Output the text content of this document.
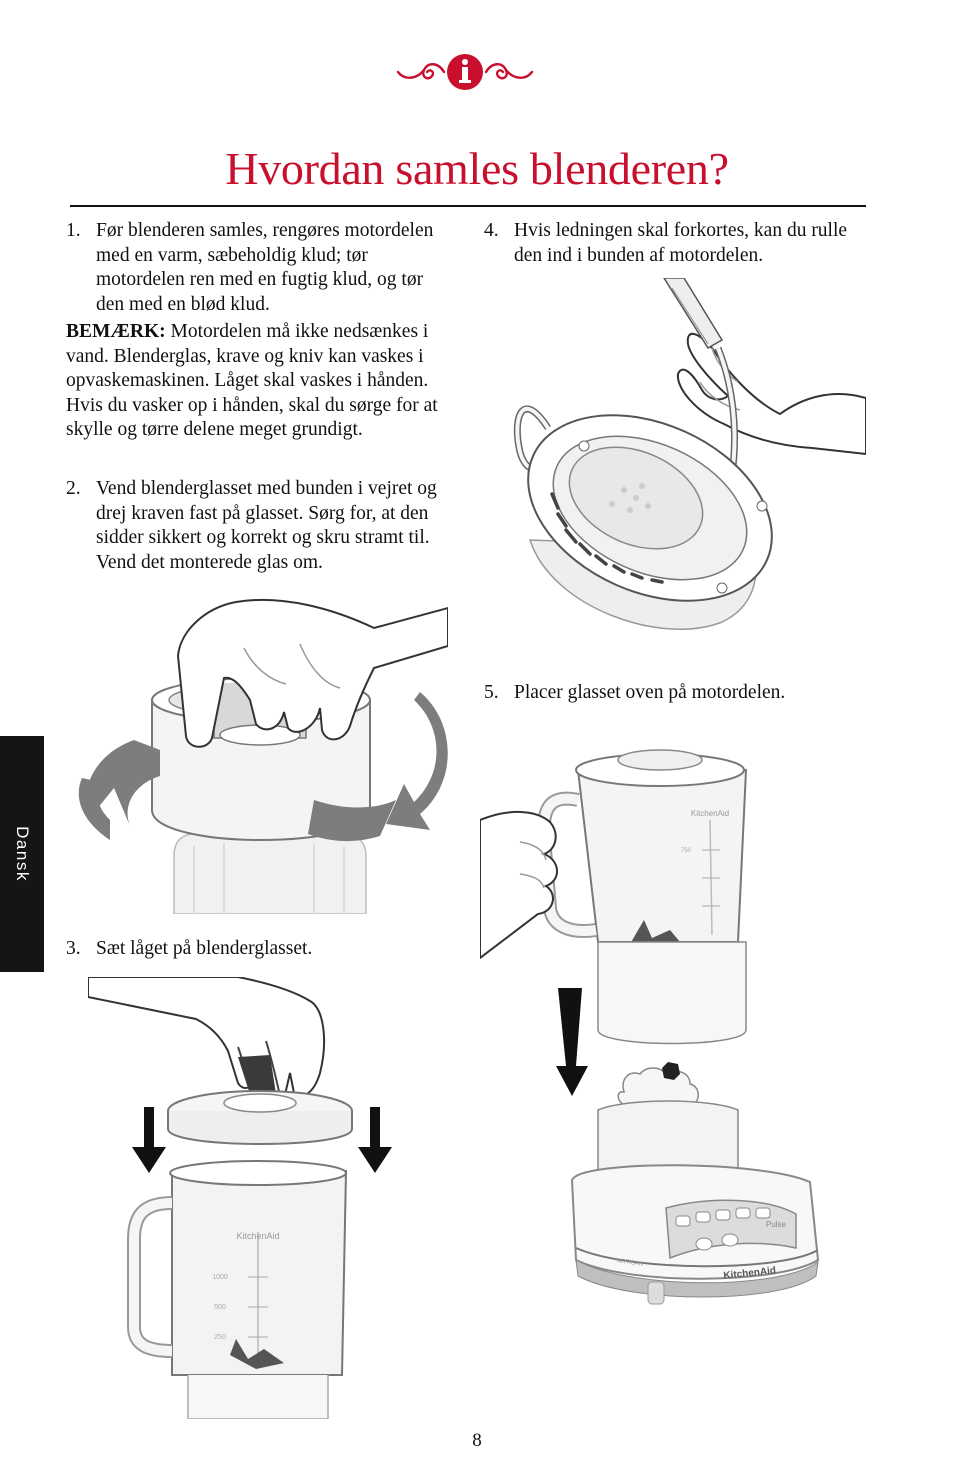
Hvordan samles blenderen?
Dansk
1. Før blenderen samles, rengøres motordelen med en varm, sæbeholdig klud; tør motordelen ren med en fugtig klud, og tør den med en blød klud.
BEMÆRK: Motordelen må ikke nedsænkes i vand. Blenderglas, krave og kniv kan vaskes i opvaskemaskinen. Låget skal vaskes i hånden. Hvis du vasker op i hånden, skal du sørge for at skylle og tørre delene meget grundigt.
2. Vend blenderglasset med bunden i vejret og drej kraven fast på glasset. Sørg for, at den sidder sikkert og korrekt og skru stramt til. Vend det monterede glas om.
3. Sæt låget på blenderglasset.
4. Hvis ledningen skal forkortes, kan du rulle den ind i bunden af motordelen.
5. Placer glasset oven på motordelen.
KitchenAid
1000
500
250
KitchenAid
750
Pulse
KitchenAid
ARTISAN
8
